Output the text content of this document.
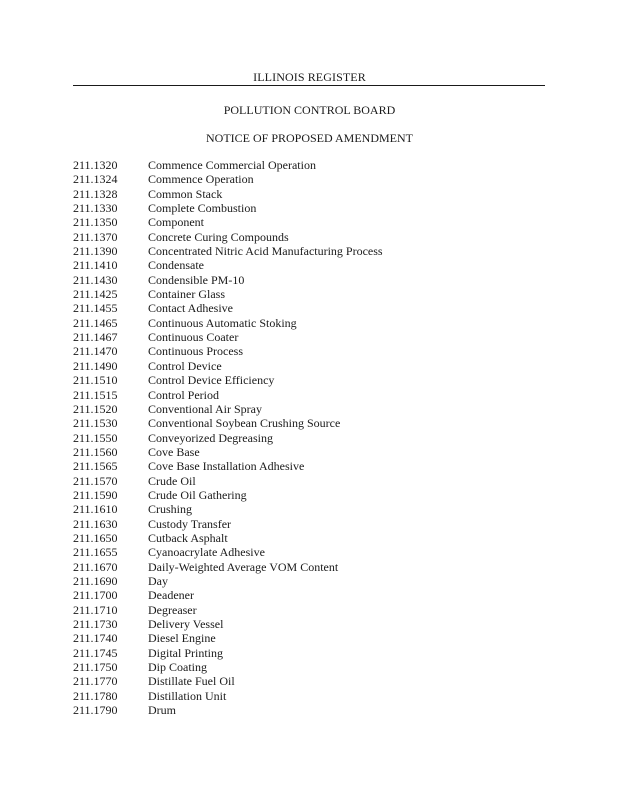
ILLINOIS REGISTER
POLLUTION CONTROL BOARD
NOTICE OF PROPOSED AMENDMENT
211.1320	Commence Commercial Operation
211.1324	Commence Operation
211.1328	Common Stack
211.1330	Complete Combustion
211.1350	Component
211.1370	Concrete Curing Compounds
211.1390	Concentrated Nitric Acid Manufacturing Process
211.1410	Condensate
211.1430	Condensible PM-10
211.1425	Container Glass
211.1455	Contact Adhesive
211.1465	Continuous Automatic Stoking
211.1467	Continuous Coater
211.1470	Continuous Process
211.1490	Control Device
211.1510	Control Device Efficiency
211.1515	Control Period
211.1520	Conventional Air Spray
211.1530	Conventional Soybean Crushing Source
211.1550	Conveyorized Degreasing
211.1560	Cove Base
211.1565	Cove Base Installation Adhesive
211.1570	Crude Oil
211.1590	Crude Oil Gathering
211.1610	Crushing
211.1630	Custody Transfer
211.1650	Cutback Asphalt
211.1655	Cyanoacrylate Adhesive
211.1670	Daily-Weighted Average VOM Content
211.1690	Day
211.1700	Deadener
211.1710	Degreaser
211.1730	Delivery Vessel
211.1740	Diesel Engine
211.1745	Digital Printing
211.1750	Dip Coating
211.1770	Distillate Fuel Oil
211.1780	Distillation Unit
211.1790	Drum
